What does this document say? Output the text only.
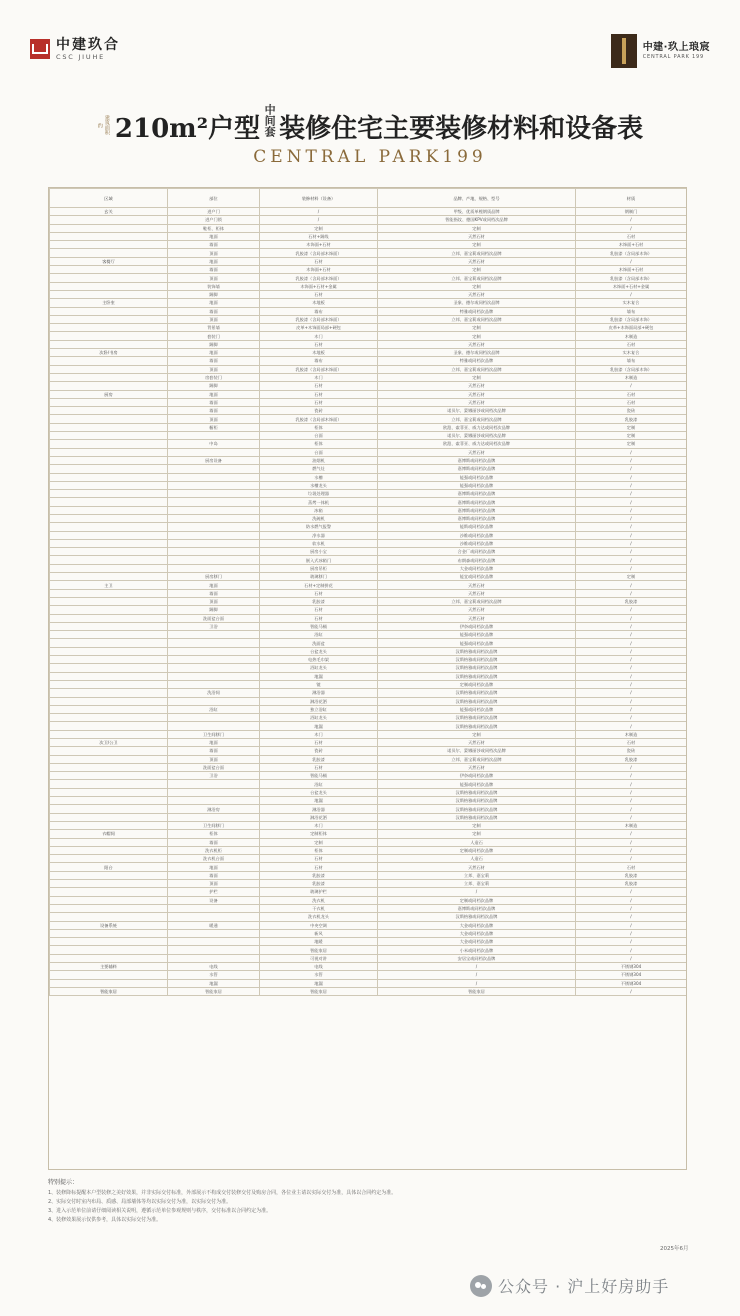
中建玖合
CSC JIUHE
中建·玖上琅宸
CENTRAL PARK 199
建筑面积约 210m²户型 中间套 装修住宅主要装修材料和设备表
CENTRAL PARK199
区域	部位	装修材料（设备）	品牌、产地、规格、型号	材质
玄关	进户门	/	甲级、优质单樘钢质品牌	钢制门
	进户门锁	/	智能指纹、德国KPV或同档次品牌	/
	鞋柜、柜体	定制	定制	/
	地面	石材+踢线	天然石材	石材
	墙面	木饰面+石材	定制	木饰面+石材
	顶面	乳胶漆（含局部木饰面）	立邦、嘉宝莉或同档次品牌	乳胶漆（含局部木饰）
客餐厅	地面	石材	天然石材	/
	墙面	木饰面+石材	定制	木饰面+石材
	顶面	乳胶漆（含局部木饰面）	立邦、嘉宝莉或同档次品牌	乳胶漆（含局部木饰）
	装饰墙	木饰面+石材+金属	定制	木饰面+石材+金属
	踢脚	石材	天然石材	/
主卧室	地面	木地板	圣象、德尔或同档次品牌	实木复合
	墙面	墙布	特雅或同档次品牌	墙布
	顶面	乳胶漆（含局部木饰面）	立邦、嘉宝莉或同档次品牌	乳胶漆（含局部木饰）
	背景墙	皮革+木饰面局部+硬包	定制	皮革+木饰面局部+硬包
	套装门	木门	定制	木制造
	踢脚	石材	天然石材	石材
次卧/书房	地面	木地板	圣象、德尔或同档次品牌	实木复合
	墙面	墙布	特雅或同档次品牌	墙布
	顶面	乳胶漆（含局部木饰面）	立邦、嘉宝莉或同档次品牌	乳胶漆（含局部木饰）
	房套装门	木门	定制	木制造
	踢脚	石材	天然石材	/
厨房	地面	石材	天然石材	石材
	墙面	石材	天然石材	石材
	墙面	瓷砖	诺贝尔、蒙娜丽莎或同档次品牌	瓷砖
	顶面	乳胶漆（含局部木饰面）	立邦、嘉宝莉或同档次品牌	乳胶漆
	橱柜	柜体	欧派、索菲亚、威力达或同档次品牌	定制
		台面	诺贝尔、蒙娜丽莎或同档次品牌	定制
	中岛	柜体	欧派、索菲亚、威力达或同档次品牌	定制
		台面	天然石材	/
	厨房设备	油烟机	嘉博斯或同档次品牌	/
		燃气灶	嘉博斯或同档次品牌	/
		水槽	能强或同档次品牌	/
		水槽龙头	能强或同档次品牌	/
		垃圾处理器	嘉博斯或同档次品牌	/
		蒸烤一体机	嘉博斯或同档次品牌	/
		冰箱	嘉博斯或同档次品牌	/
		洗碗机	嘉博斯或同档次品牌	/
		防水燃气报警	能斯或同档次品牌	/
		净水器	沙维或同档次品牌	/
		软水机	沙维或同档次品牌	/
		厨房小宝	合金厂或同档次品牌	/
		嵌入式冰箱门	布朗森或同档次品牌	/
		厨房吊柜	大金或同档次品牌	/
	厨房移门	玻璃移门	能宜或同档次品牌	定制
主卫	地面	石材+定制拼花	天然石材	/
	墙面	石材	天然石材	/
	顶面	乳胶漆	立邦、嘉宝莉或同档次品牌	乳胶漆
	踢脚	石材	天然石材	/
	洗面盆台面	石材	天然石材	/
	卫浴	智能马桶	伊奈或同档次品牌	/
		浴缸	能强或同档次品牌	/
		洗面盆	能强或同档次品牌	/
		台盆龙头	汉斯格雅或同档次品牌	/
		电热毛巾架	汉斯格雅或同档次品牌	/
		浴缸龙头	汉斯格雅或同档次品牌	/
		地漏	汉斯格雅或同档次品牌	/
		镜	定制或同档次品牌	/
	洗浴间	淋浴器	汉斯格雅或同档次品牌	/
		淋浴花洒	汉斯格雅或同档次品牌	/
	浴缸	独立浴缸	能强或同档次品牌	/
		浴缸龙头	汉斯格雅或同档次品牌	/
		地漏	汉斯格雅或同档次品牌	/
	卫生间移门	木门	定制	木制造
次卫/公卫	地面	石材	天然石材	石材
	墙面	瓷砖	诺贝尔、蒙娜丽莎或同档次品牌	瓷砖
	顶面	乳胶漆	立邦、嘉宝莉或同档次品牌	乳胶漆
	洗面盆台面	石材	天然石材	/
	卫浴	智能马桶	伊奈或同档次品牌	/
		浴缸	能强或同档次品牌	/
		台盆龙头	汉斯格雅或同档次品牌	/
		地漏	汉斯格雅或同档次品牌	/
	淋浴房	淋浴器	汉斯格雅或同档次品牌	/
		淋浴花洒	汉斯格雅或同档次品牌	/
	卫生间移门	木门	定制	木制造
衣帽间	柜体	定制柜体	定制	/
	墙面	定制	人造石	/
	洗衣机柜	柜体	定制或同档次品牌	/
	洗衣机台面	石材	人造石	/
阳台	地面	石材	天然石材	石材
	墙面	乳胶漆	立邦、嘉宝莉	乳胶漆
	顶面	乳胶漆	立邦、嘉宝莉	乳胶漆
	护栏	玻璃护栏	/	/
	设备	洗衣机	定制或同档次品牌	/
		干衣机	嘉博斯或同档次品牌	/
		洗衣机龙头	汉斯格雅或同档次品牌	/
设备系统	暖通	中央空调	大金或同档次品牌	/
		新风	大金或同档次品牌	/
		地暖	大金或同档次品牌	/
		智能家居	小米或同档次品牌	/
		可视对讲	安居宝或同档次品牌	/
主要辅料	电线	电线	/	不锈钢304
	水管	水管	/	不锈钢304
	地漏	地漏	/	不锈钢304
智能家居	智能家居	智能家居	智能家居	/
特别提示：
1、装修降标提醒本户型装修之美好效果，并非实际交付标准，外部展示不构成交付装修交付及购房合同，各位业主请以实际交付为准，具体以合同约定为准。
2、实际交付时室内布局、质感、局部墙体等均以实际交付为准，以实际交付为准。
3、进入示范单位前请仔细阅读相关说明，遵循示范单位参观规则与秩序，交付标准以合同约定为准。
4、装修效果展示仅供参考，具体以实际交付为准。
2025年6月
公众号 · 沪上好房助手
